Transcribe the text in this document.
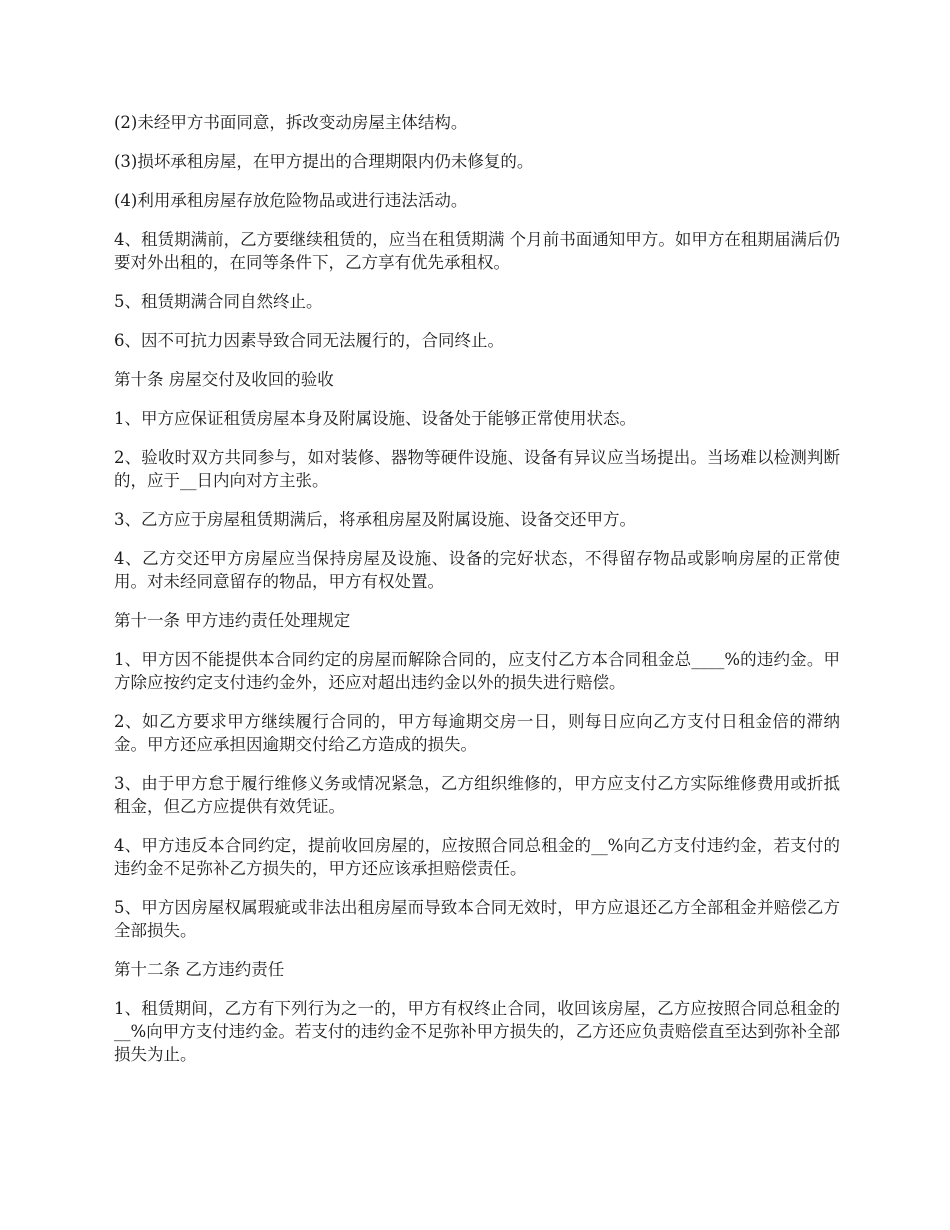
(2)未经甲方书面同意，拆改变动房屋主体结构。

(3)损坏承租房屋，在甲方提出的合理期限内仍未修复的。

(4)利用承租房屋存放危险物品或进行违法活动。

4、租赁期满前，乙方要继续租赁的，应当在租赁期满 个月前书面通知甲方。如甲方在租期届满后仍要对外出租的，在同等条件下，乙方享有优先承租权。

5、租赁期满合同自然终止。

6、因不可抗力因素导致合同无法履行的，合同终止。

第十条 房屋交付及收回的验收

1、甲方应保证租赁房屋本身及附属设施、设备处于能够正常使用状态。

2、验收时双方共同参与，如对装修、器物等硬件设施、设备有异议应当场提出。当场难以检测判断的，应于__日内向对方主张。

3、乙方应于房屋租赁期满后，将承租房屋及附属设施、设备交还甲方。

4、乙方交还甲方房屋应当保持房屋及设施、设备的完好状态，不得留存物品或影响房屋的正常使用。对未经同意留存的物品，甲方有权处置。

第十一条 甲方违约责任处理规定

1、甲方因不能提供本合同约定的房屋而解除合同的，应支付乙方本合同租金总____%的违约金。甲方除应按约定支付违约金外，还应对超出违约金以外的损失进行赔偿。

2、如乙方要求甲方继续履行合同的，甲方每逾期交房一日，则每日应向乙方支付日租金倍的滞纳金。甲方还应承担因逾期交付给乙方造成的损失。

3、由于甲方怠于履行维修义务或情况紧急，乙方组织维修的，甲方应支付乙方实际维修费用或折抵租金，但乙方应提供有效凭证。

4、甲方违反本合同约定，提前收回房屋的，应按照合同总租金的__%向乙方支付违约金，若支付的违约金不足弥补乙方损失的，甲方还应该承担赔偿责任。

5、甲方因房屋权属瑕疵或非法出租房屋而导致本合同无效时，甲方应退还乙方全部租金并赔偿乙方全部损失。

第十二条 乙方违约责任

1、租赁期间，乙方有下列行为之一的，甲方有权终止合同，收回该房屋，乙方应按照合同总租金的__%向甲方支付违约金。若支付的违约金不足弥补甲方损失的，乙方还应负责赔偿直至达到弥补全部损失为止。
